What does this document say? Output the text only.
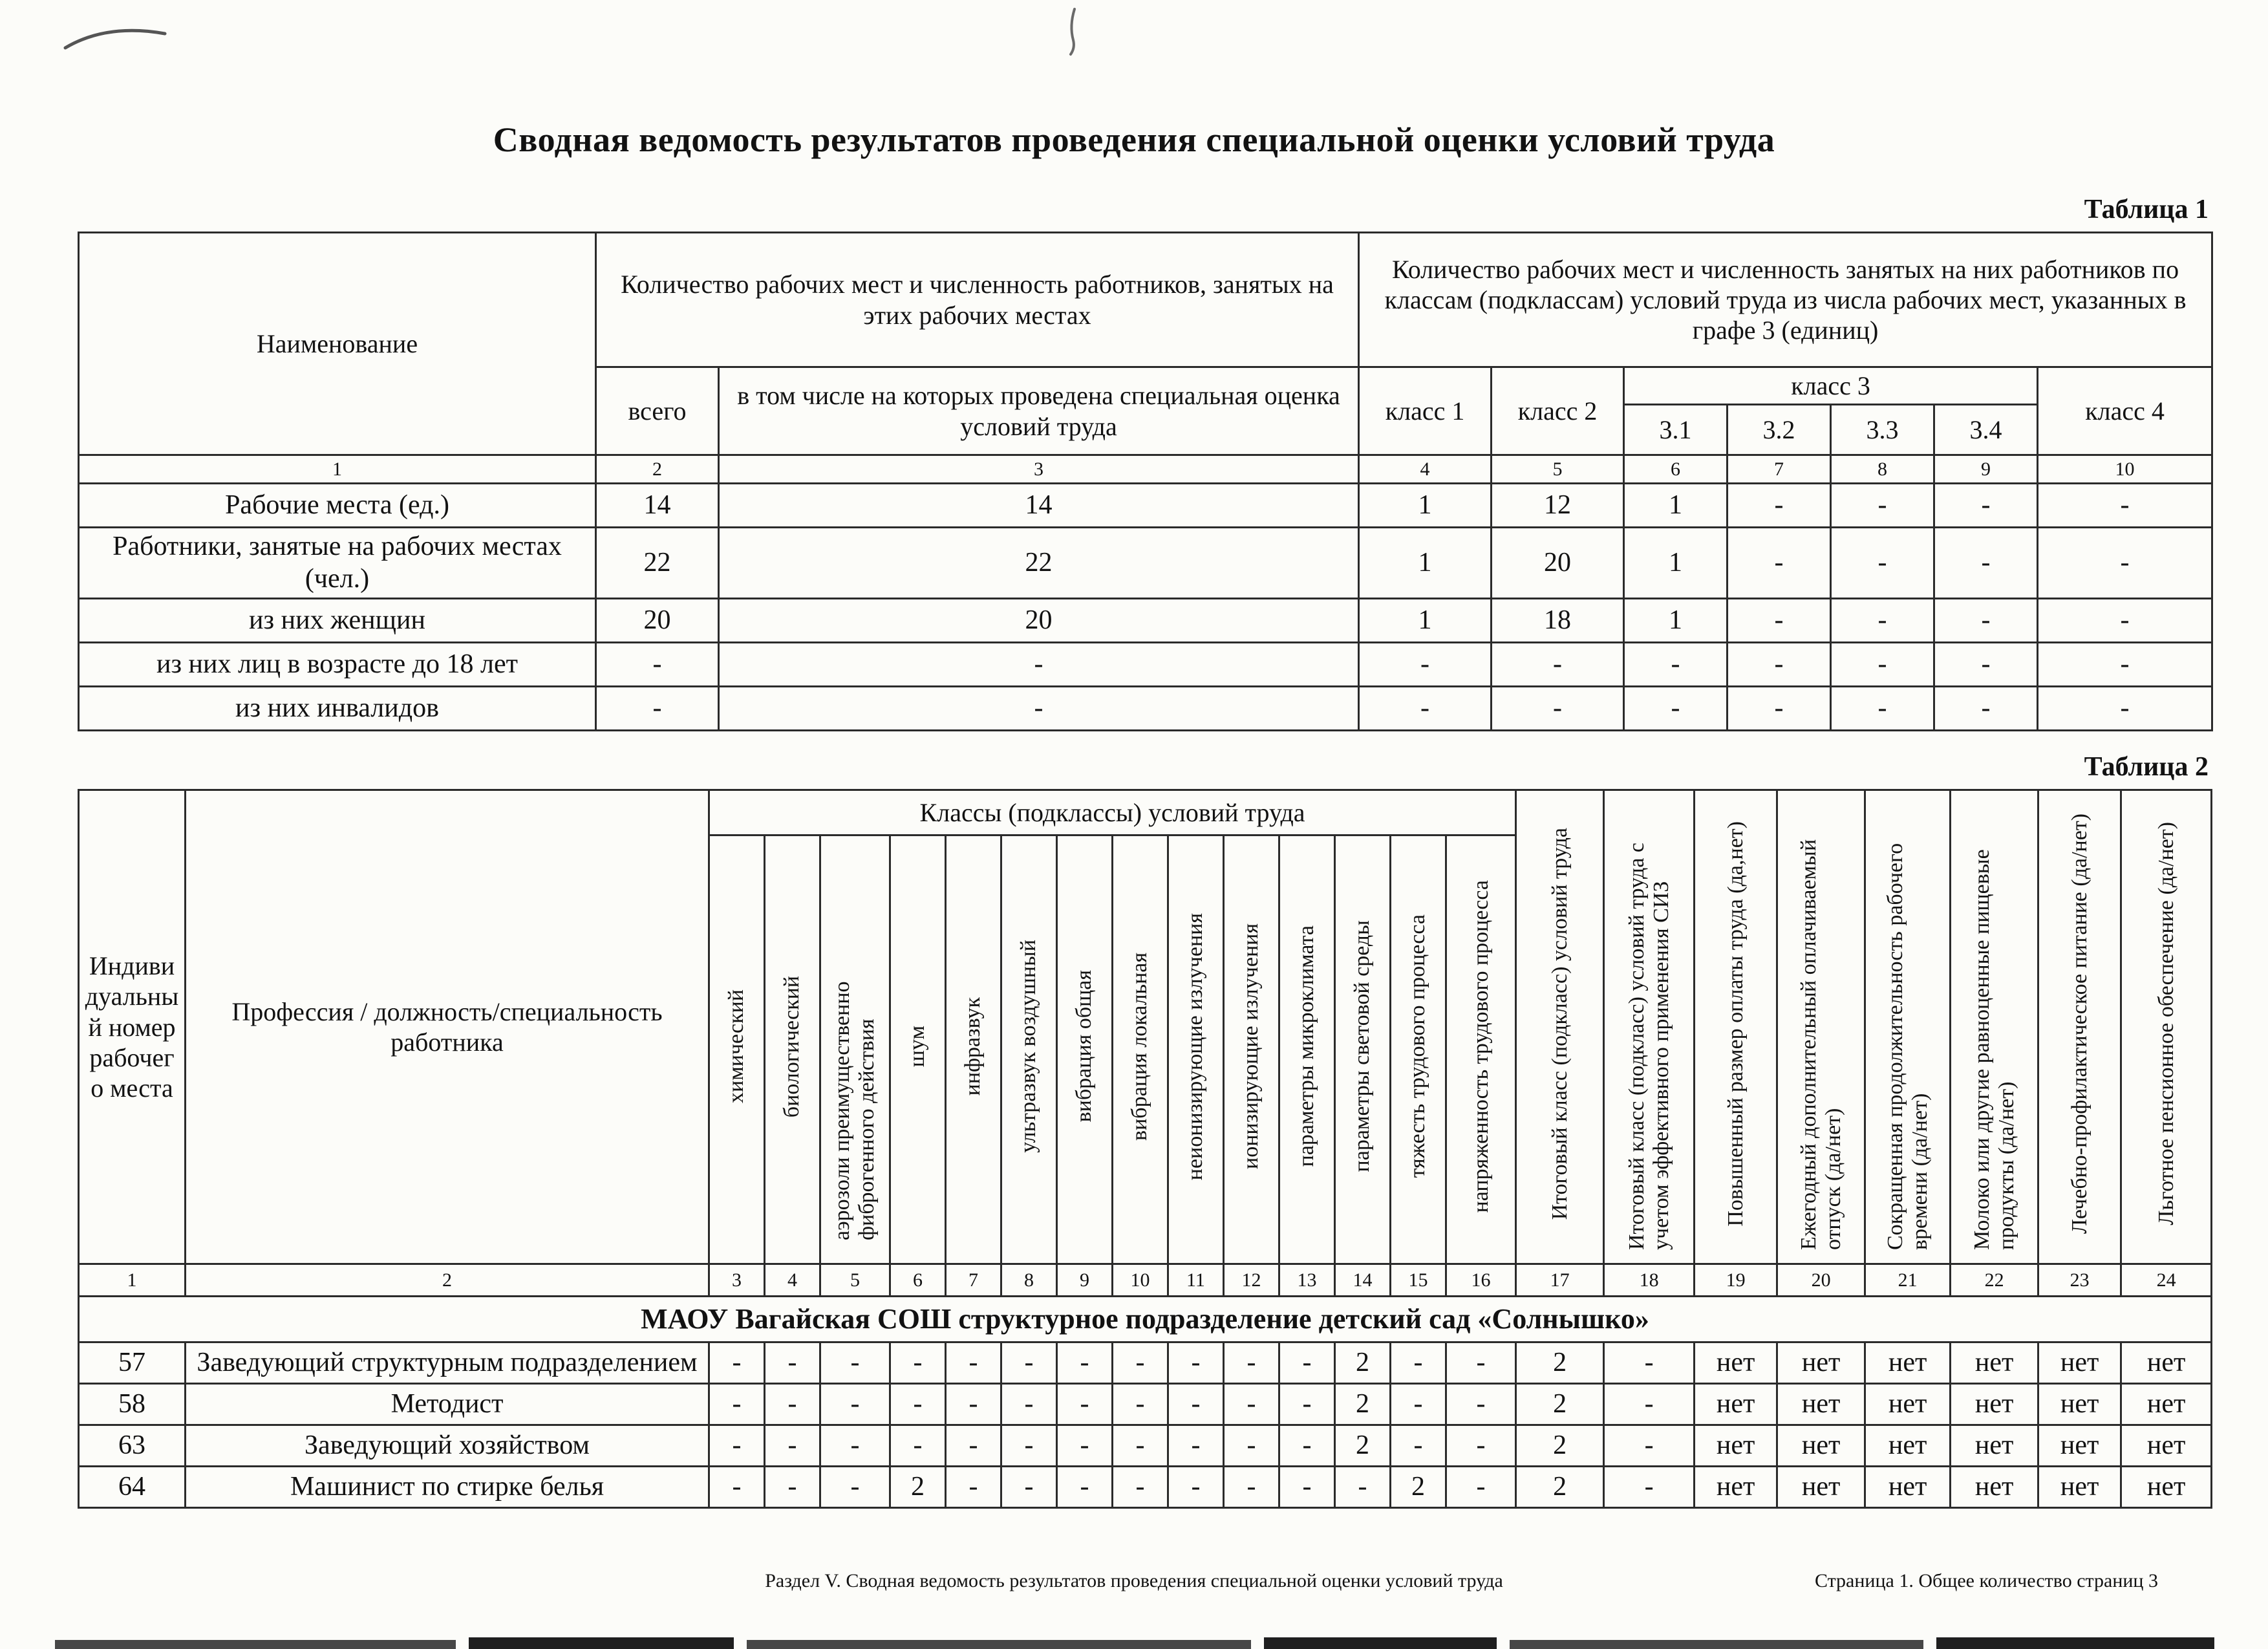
Сводная ведомость результатов проведения специальной оценки условий труда
Таблица 1
Наименование	Количество рабочих мест и численность работников, занятых на этих рабочих местах		Количество рабочих мест и численность занятых на них работников по классам (подклассам) условий труда из числа рабочих мест, указанных в графе 3 (единиц)						
	всего	в том числе на которых проведена специальная оценка условий труда	класс 1	класс 2	класс 3				класс 4
					3.1	3.2	3.3	3.4	
1	2	3	4	5	6	7	8	9	10
Рабочие места (ед.)	14	14	1	12	1	-	-	-	-
Работники, занятые на рабочих местах (чел.)	22	22	1	20	1	-	-	-	-
из них женщин	20	20	1	18	1	-	-	-	-
из них лиц в возрасте до 18 лет	-	-	-	-	-	-	-	-	-
из них инвалидов	-	-	-	-	-	-	-	-	-
Таблица 2
Индивидуальный номер рабочего места	Профессия / должность/специальность работника	Классы (подклассы) условий труда														Итоговый класс (подкласс) условий труда	Итоговый класс (подкласс) условий труда с учетом эффективного применения СИЗ	Повышенный размер оплаты труда (да,нет)	Ежегодный дополнительный оплачиваемый отпуск (да/нет)	Сокращенная продолжительность рабочего времени (да/нет)	Молоко или другие равноценные пищевые продукты (да/нет)	Лечебно-профилактическое питание (да/нет)	Льготное пенсионное обеспечение (да/нет)
		химический	биологический	аэрозоли преимущественно фиброгенного действия	шум	инфразвук	ультразвук воздушный	вибрация общая	вибрация локальная	неионизирующие излучения	ионизирующие излучения	параметры микроклимата	параметры световой среды	тяжесть трудового процесса	напряженность трудового процесса								
1	2	3	4	5	6	7	8	9	10	11	12	13	14	15	16	17	18	19	20	21	22	23	24
МАОУ Вагайская СОШ структурное подразделение детский сад «Солнышко»																							
57	Заведующий структурным подразделением	-	-	-	-	-	-	-	-	-	-	-	2	-	-	2	-	нет	нет	нет	нет	нет	нет
58	Методист	-	-	-	-	-	-	-	-	-	-	-	2	-	-	2	-	нет	нет	нет	нет	нет	нет
63	Заведующий хозяйством	-	-	-	-	-	-	-	-	-	-	-	2	-	-	2	-	нет	нет	нет	нет	нет	нет
64	Машинист по стирке белья	-	-	-	2	-	-	-	-	-	-	-	-	2	-	2	-	нет	нет	нет	нет	нет	нет
Раздел V. Сводная ведомость результатов проведения специальной оценки условий труда	Страница 1. Общее количество страниц 3
